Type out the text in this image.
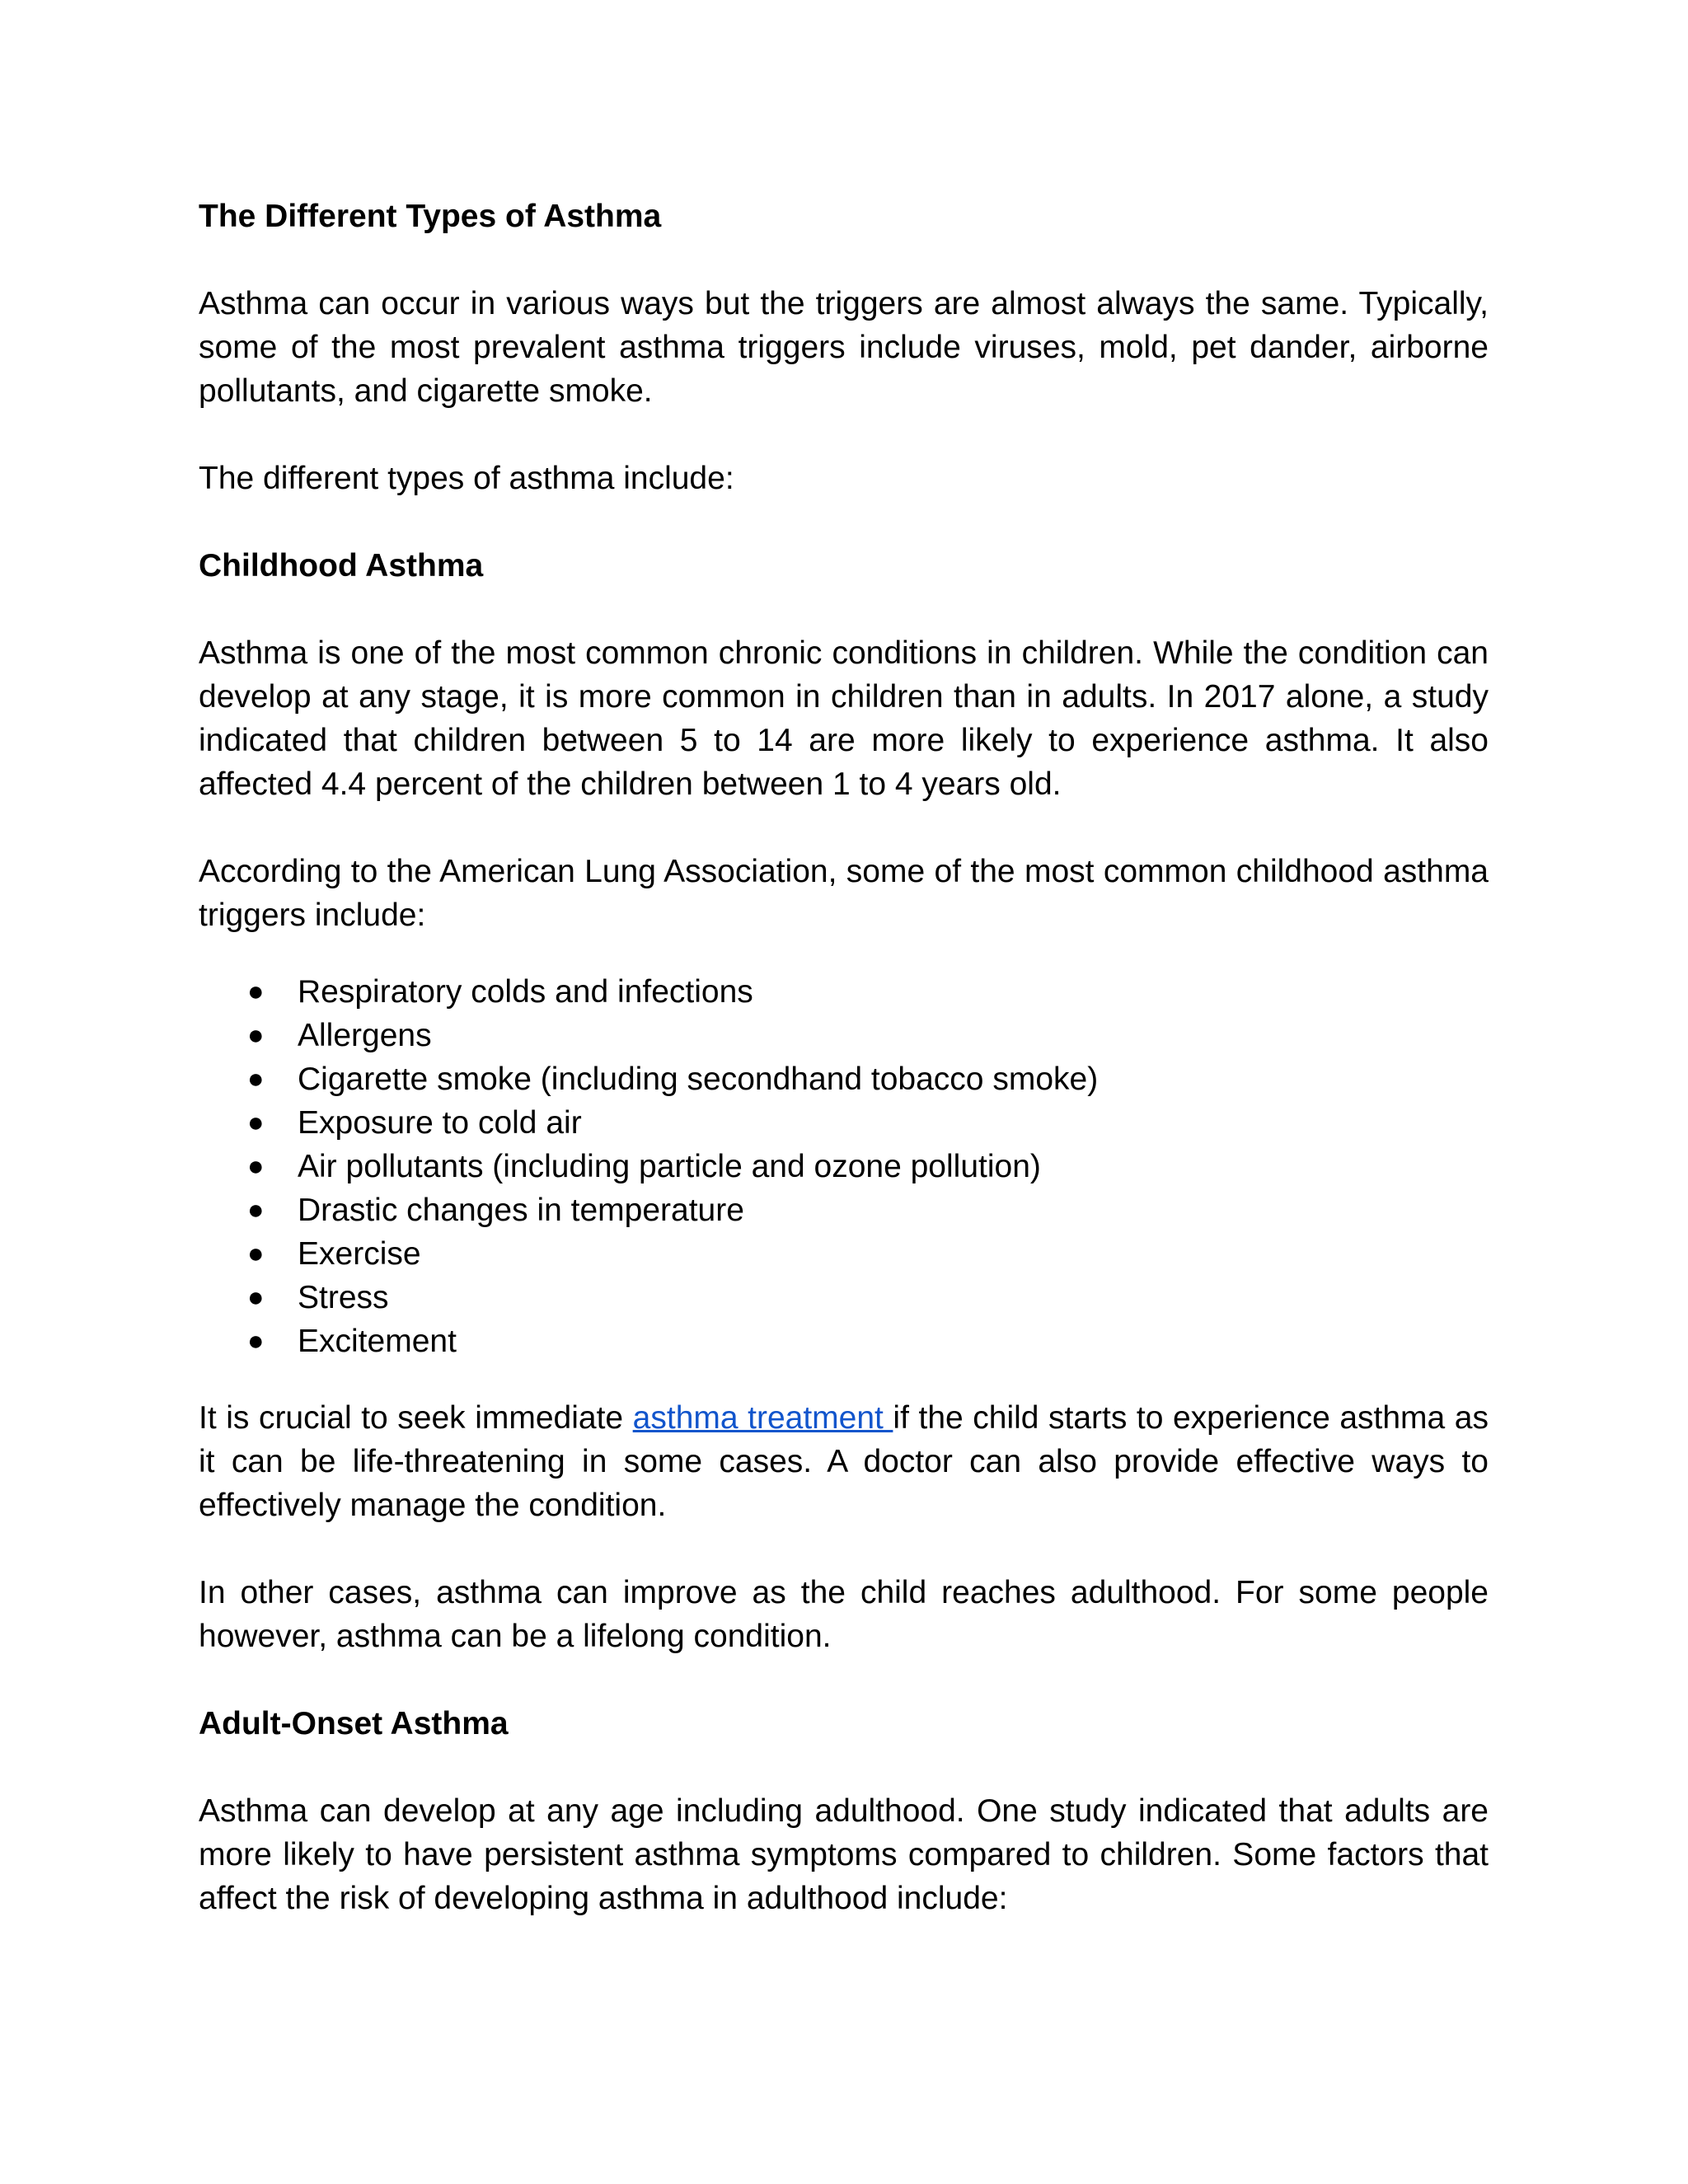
The Different Types of Asthma

Asthma can occur in various ways but the triggers are almost always the same. Typically, some of the most prevalent asthma triggers include viruses, mold, pet dander, airborne pollutants, and cigarette smoke.

The different types of asthma include:

Childhood Asthma

Asthma is one of the most common chronic conditions in children. While the condition can develop at any stage, it is more common in children than in adults. In 2017 alone, a study indicated that children between 5 to 14 are more likely to experience asthma. It also affected 4.4 percent of the children between 1 to 4 years old.

According to the American Lung Association, some of the most common childhood asthma triggers include:

● Respiratory colds and infections
● Allergens
● Cigarette smoke (including secondhand tobacco smoke)
● Exposure to cold air
● Air pollutants (including particle and ozone pollution)
● Drastic changes in temperature
● Exercise
● Stress
● Excitement

It is crucial to seek immediate asthma treatment if the child starts to experience asthma as it can be life-threatening in some cases. A doctor can also provide effective ways to effectively manage the condition.

In other cases, asthma can improve as the child reaches adulthood. For some people however, asthma can be a lifelong condition.

Adult-Onset Asthma

Asthma can develop at any age including adulthood. One study indicated that adults are more likely to have persistent asthma symptoms compared to children. Some factors that affect the risk of developing asthma in adulthood include:
